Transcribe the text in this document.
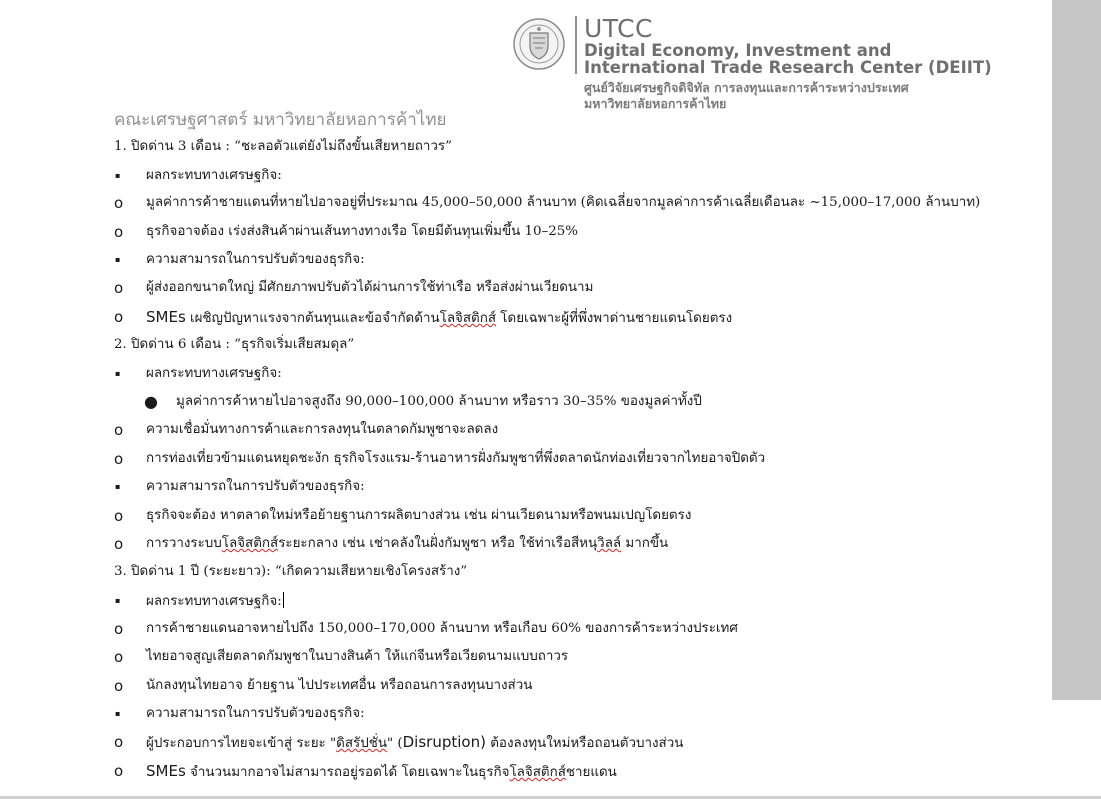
UTCC
Digital Economy, Investment and
International Trade Research Center (DEIIT)
ศูนย์วิจัยเศรษฐกิจดิจิทัล การลงทุนและการค้าระหว่างประเทศ
มหาวิทยาลัยหอการค้าไทย
คณะเศรษฐศาสตร์ มหาวิทยาลัยหอการค้าไทย
1. ปิดด่าน 3 เดือน : “ชะลอตัวแต่ยังไม่ถึงขั้นเสียหายถาวร”
▪ ผลกระทบทางเศรษฐกิจ:
o มูลค่าการค้าชายแดนที่หายไปอาจอยู่ที่ประมาณ 45,000–50,000 ล้านบาท (คิดเฉลี่ยจากมูลค่าการค้าเฉลี่ยเดือนละ ~15,000–17,000 ล้านบาท)
o ธุรกิจอาจต้อง เร่งส่งสินค้าผ่านเส้นทางทางเรือ โดยมีต้นทุนเพิ่มขึ้น 10–25%
▪ ความสามารถในการปรับตัวของธุรกิจ:
o ผู้ส่งออกขนาดใหญ่ มีศักยภาพปรับตัวได้ผ่านการใช้ท่าเรือ หรือส่งผ่านเวียดนาม
o SMEs เผชิญปัญหาแรงจากต้นทุนและข้อจำกัดด้านโลจิสติกส์ โดยเฉพาะผู้ที่พึ่งพาด่านชายแดนโดยตรง
2. ปิดด่าน 6 เดือน : “ธุรกิจเริ่มเสียสมดุล”
▪ ผลกระทบทางเศรษฐกิจ:
● มูลค่าการค้าหายไปอาจสูงถึง 90,000–100,000 ล้านบาท หรือราว 30–35% ของมูลค่าทั้งปี
o ความเชื่อมั่นทางการค้าและการลงทุนในตลาดกัมพูชาจะลดลง
o การท่องเที่ยวข้ามแดนหยุดชะงัก ธุรกิจโรงแรม-ร้านอาหารฝั่งกัมพูชาที่พึ่งตลาดนักท่องเที่ยวจากไทยอาจปิดตัว
▪ ความสามารถในการปรับตัวของธุรกิจ:
o ธุรกิจจะต้อง หาตลาดใหม่หรือย้ายฐานการผลิตบางส่วน เช่น ผ่านเวียดนามหรือพนมเปญโดยตรง
o การวางระบบโลจิสติกส์ระยะกลาง เช่น เช่าคลังในฝั่งกัมพูชา หรือ ใช้ท่าเรือสีหนุวิลล์ มากขึ้น
3. ปิดด่าน 1 ปี (ระยะยาว): “เกิดความเสียหายเชิงโครงสร้าง”
▪ ผลกระทบทางเศรษฐกิจ:
o การค้าชายแดนอาจหายไปถึง 150,000–170,000 ล้านบาท หรือเกือบ 60% ของการค้าระหว่างประเทศ
o ไทยอาจสูญเสียตลาดกัมพูชาในบางสินค้า ให้แก่จีนหรือเวียดนามแบบถาวร
o นักลงทุนไทยอาจ ย้ายฐาน ไปประเทศอื่น หรือถอนการลงทุนบางส่วน
▪ ความสามารถในการปรับตัวของธุรกิจ:
o ผู้ประกอบการไทยจะเข้าสู่ ระยะ "ดิสรัปชั่น" (Disruption) ต้องลงทุนใหม่หรือถอนตัวบางส่วน
o SMEs จำนวนมากอาจไม่สามารถอยู่รอดได้ โดยเฉพาะในธุรกิจโลจิสติกส์ชายแดน
